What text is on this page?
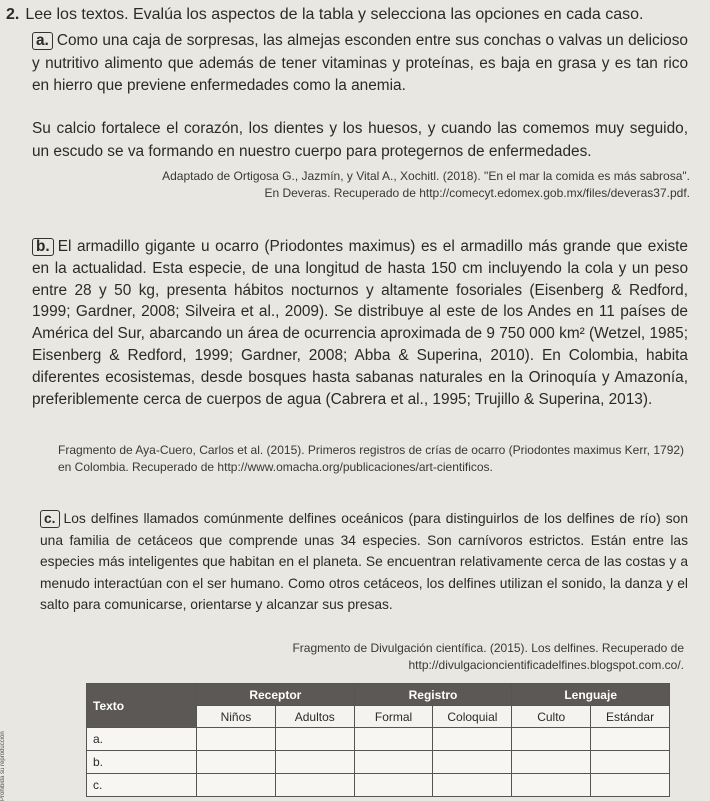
2. Lee los textos. Evalúa los aspectos de la tabla y selecciona las opciones en cada caso.
a. Como una caja de sorpresas, las almejas esconden entre sus conchas o valvas un delicioso y nutritivo alimento que además de tener vitaminas y proteínas, es baja en grasa y es tan rico en hierro que previene enfermedades como la anemia.
Su calcio fortalece el corazón, los dientes y los huesos, y cuando las comemos muy seguido, un escudo se va formando en nuestro cuerpo para protegernos de enfermedades.
Adaptado de Ortigosa G., Jazmín, y Vital A., Xochitl. (2018). "En el mar la comida es más sabrosa". En Deveras. Recuperado de http://comecyt.edomex.gob.mx/files/deveras37.pdf.
b. El armadillo gigante u ocarro (Priodontes maximus) es el armadillo más grande que existe en la actualidad. Esta especie, de una longitud de hasta 150 cm incluyendo la cola y un peso entre 28 y 50 kg, presenta hábitos nocturnos y altamente fosoriales (Eisenberg & Redford, 1999; Gardner, 2008; Silveira et al., 2009). Se distribuye al este de los Andes en 11 países de América del Sur, abarcando un área de ocurrencia aproximada de 9 750 000 km² (Wetzel, 1985; Eisenberg & Redford, 1999; Gardner, 2008; Abba & Superina, 2010). En Colombia, habita diferentes ecosistemas, desde bosques hasta sabanas naturales en la Orinoquía y Amazonía, preferiblemente cerca de cuerpos de agua (Cabrera et al., 1995; Trujillo & Superina, 2013).
Fragmento de Aya-Cuero, Carlos et al. (2015). Primeros registros de crías de ocarro (Priodontes maximus Kerr, 1792) en Colombia. Recuperado de http://www.omacha.org/publicaciones/art-cientificos.
c. Los delfines llamados comúnmente delfines oceánicos (para distinguirlos de los delfines de río) son una familia de cetáceos que comprende unas 34 especies. Son carnívoros estrictos. Están entre las especies más inteligentes que habitan en el planeta. Se encuentran relativamente cerca de las costas y a menudo interactúan con el ser humano. Como otros cetáceos, los delfines utilizan el sonido, la danza y el salto para comunicarse, orientarse y alcanzar sus presas.
Fragmento de Divulgación científica. (2015). Los delfines. Recuperado de http://divulgacioncientificadelfines.blogspot.com.co/.
Prohibida su reproducción
Texto	Receptor		Registro		Lenguaje	
	Niños	Adultos	Formal	Coloquial	Culto	Estándar
a.						
b.						
c.						
